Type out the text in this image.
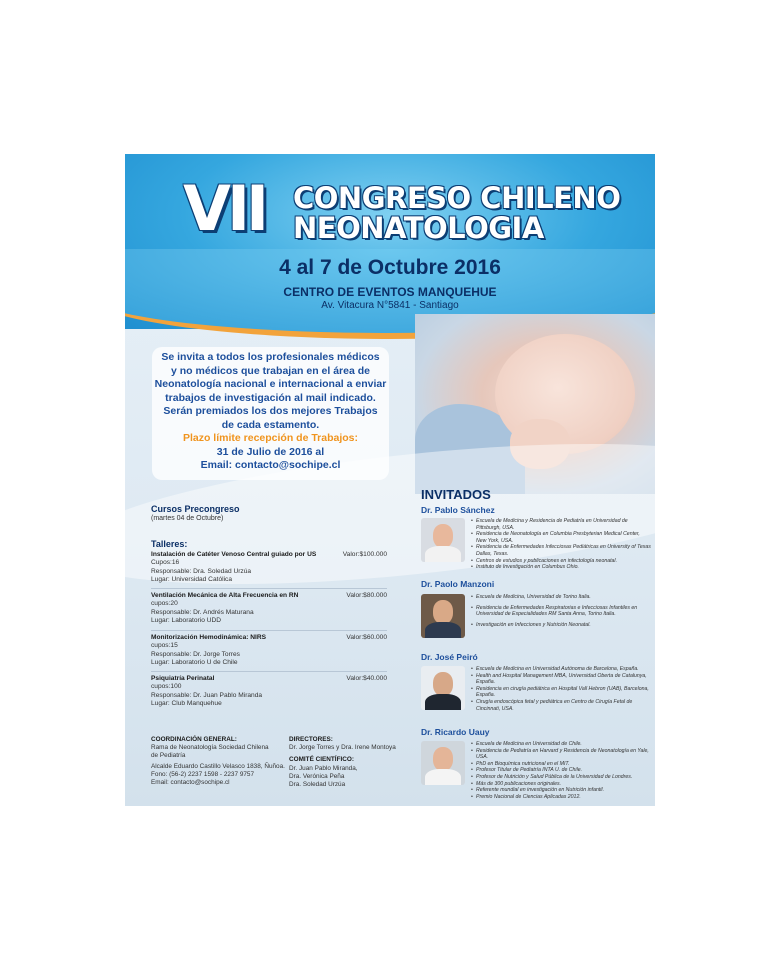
VII CONGRESO CHILENO
NEONATOLOGIA
4 al 7 de Octubre 2016
CENTRO DE EVENTOS MANQUEHUE
Av. Vitacura N°5841 - Santiago
Se invita a todos los profesionales médicos
y no médicos que trabajan en el área de
Neonatología nacional e internacional a enviar
trabajos de investigación al mail indicado.
Serán premiados los dos mejores Trabajos
de cada estamento.
Plazo límite recepción de Trabajos:
31 de Julio de 2016 al
Email: contacto@sochipe.cl
Cursos Precongreso
(martes 04 de Octubre)
Talleres:
Instalación de Catéter Venoso Central guiado por US	Valor:$100.000
Cupos:16
Responsable: Dra. Soledad Urzúa
Lugar: Universidad Católica
Ventilación Mecánica de Alta Frecuencia en RN	Valor:$80.000
cupos:20
Responsable: Dr. Andrés Maturana
Lugar: Laboratorio UDD
Monitorización Hemodinámica: NIRS	Valor:$60.000
cupos:15
Responsable: Dr. Jorge Torres
Lugar: Laboratorio U de Chile
Psiquiatría Perinatal	Valor:$40.000
cupos:100
Responsable: Dr. Juan Pablo Miranda
Lugar: Club Manquehue
COORDINACIÓN GENERAL:
Rama de Neonatología Sociedad Chilena
de Pediatría
Alcalde Eduardo Castillo Velasco 1838, Ñuñoa.
Fono: (56-2) 2237 1598 - 2237 9757
Email: contacto@sochipe.cl
DIRECTORES:
Dr. Jorge Torres y Dra. Irene Montoya
COMITÉ CIENTÍFICO:
Dr. Juan Pablo Miranda,
Dra. Verónica Peña
Dra. Soledad Urzúa
INVITADOS
Dr. Pablo Sánchez
• Escuela de Medicina y Residencia de Pediatría en Universidad de Pittsburgh, USA.
• Residencia de Neonatología en Columbia Presbyterian Medical Center, New York, USA.
• Residencia de Enfermedades Infecciosas Pediátricas en University of Texas Dallas, Texas.
• Centros de estudios y publicaciones en infectología neonatal.
• Instituto de Investigación en Columbus Ohio.
Dr. Paolo Manzoni
• Escuela de Medicina, Universidad de Torino Italia.
• Residencia de Enfermedades Respiratorias e Infecciosas Infantiles en Universidad de Especialidades RM Santa Anna, Torino Italia.
• Investigación en Infecciones y Nutrición Neonatal.
Dr. José Peiró
• Escuela de Medicina en Universidad Autónoma de Barcelona, España.
• Health and Hospital Management MBA, Universidad Oberta de Catalunya, España.
• Residencia en cirugía pediátrica en Hospital Vall Hebron (UAB), Barcelona, España.
• Cirugía endoscópica fetal y pediátrica en Centro de Cirugía Fetal de Cincinnati, USA.
Dr. Ricardo Uauy
• Escuela de Medicina en Universidad de Chile.
• Residencia de Pediatría en Harvard y Residencia de Neonatología en Yale, USA.
• PhD en Bioquímica nutricional en el MIT.
• Profesor Titular de Pediatría INTA U. de Chile.
• Profesor de Nutrición y Salud Pública de la Universidad de Londres.
• Más de 300 publicaciones originales.
• Referente mundial en investigación en Nutrición infantil.
• Premio Nacional de Ciencias Aplicadas 2012.
